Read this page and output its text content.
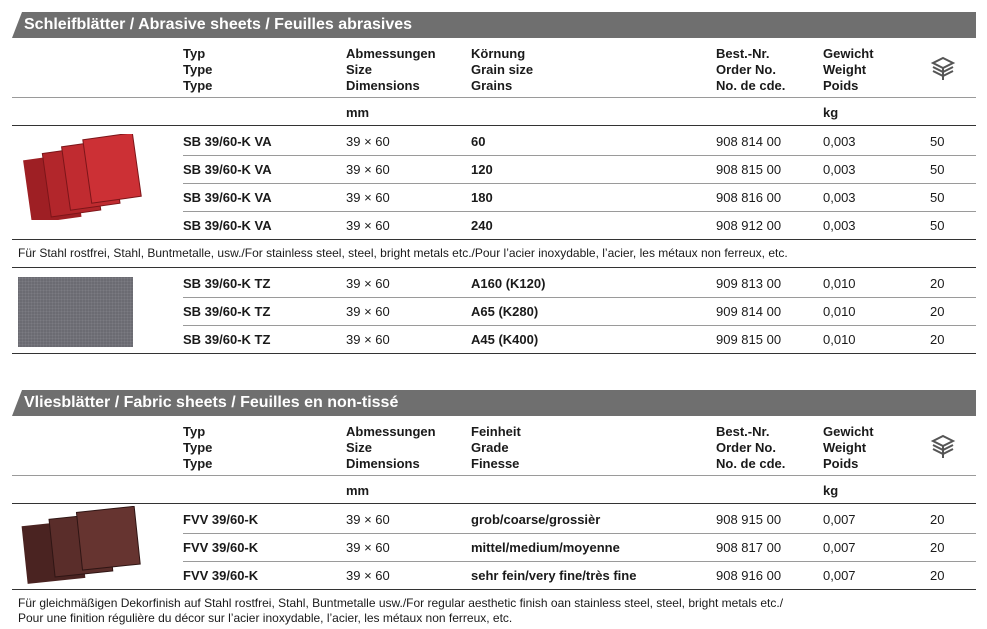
Schleifblätter / Abrasive sheets / Feuilles abrasives
Typ
Type
Type
Abmessungen
Size
Dimensions
Körnung
Grain size
Grains
Best.-Nr.
Order No.
No. de cde.
Gewicht
Weight
Poids
mm	kg
SB 39/60-K VA	39 × 60	60	908 814 00	0,003	50
SB 39/60-K VA	39 × 60	120	908 815 00	0,003	50
SB 39/60-K VA	39 × 60	180	908 816 00	0,003	50
SB 39/60-K VA	39 × 60	240	908 912 00	0,003	50
Für Stahl rostfrei, Stahl, Buntmetalle, usw./For stainless steel, steel, bright metals etc./Pour l’acier inoxydable, l’acier, les métaux non ferreux, etc.
SB 39/60-K TZ	39 × 60	A160 (K120)	909 813 00	0,010	20
SB 39/60-K TZ	39 × 60	A65 (K280)	909 814 00	0,010	20
SB 39/60-K TZ	39 × 60	A45 (K400)	909 815 00	0,010	20
Vliesblätter / Fabric sheets / Feuilles en non-tissé
Typ
Type
Type
Abmessungen
Size
Dimensions
Feinheit
Grade
Finesse
Best.-Nr.
Order No.
No. de cde.
Gewicht
Weight
Poids
mm	kg
FVV 39/60-K	39 × 60	grob/coarse/grossièr	908 915 00	0,007	20
FVV 39/60-K	39 × 60	mittel/medium/moyenne	908 817 00	0,007	20
FVV 39/60-K	39 × 60	sehr fein/very fine/très fine	908 916 00	0,007	20
Für gleichmäßigen Dekorfinish auf Stahl rostfrei, Stahl, Buntmetalle usw./For regular aesthetic finish oan stainless steel, steel, bright metals etc./
Pour une finition régulière du décor sur l’acier inoxydable, l’acier, les métaux non ferreux, etc.
